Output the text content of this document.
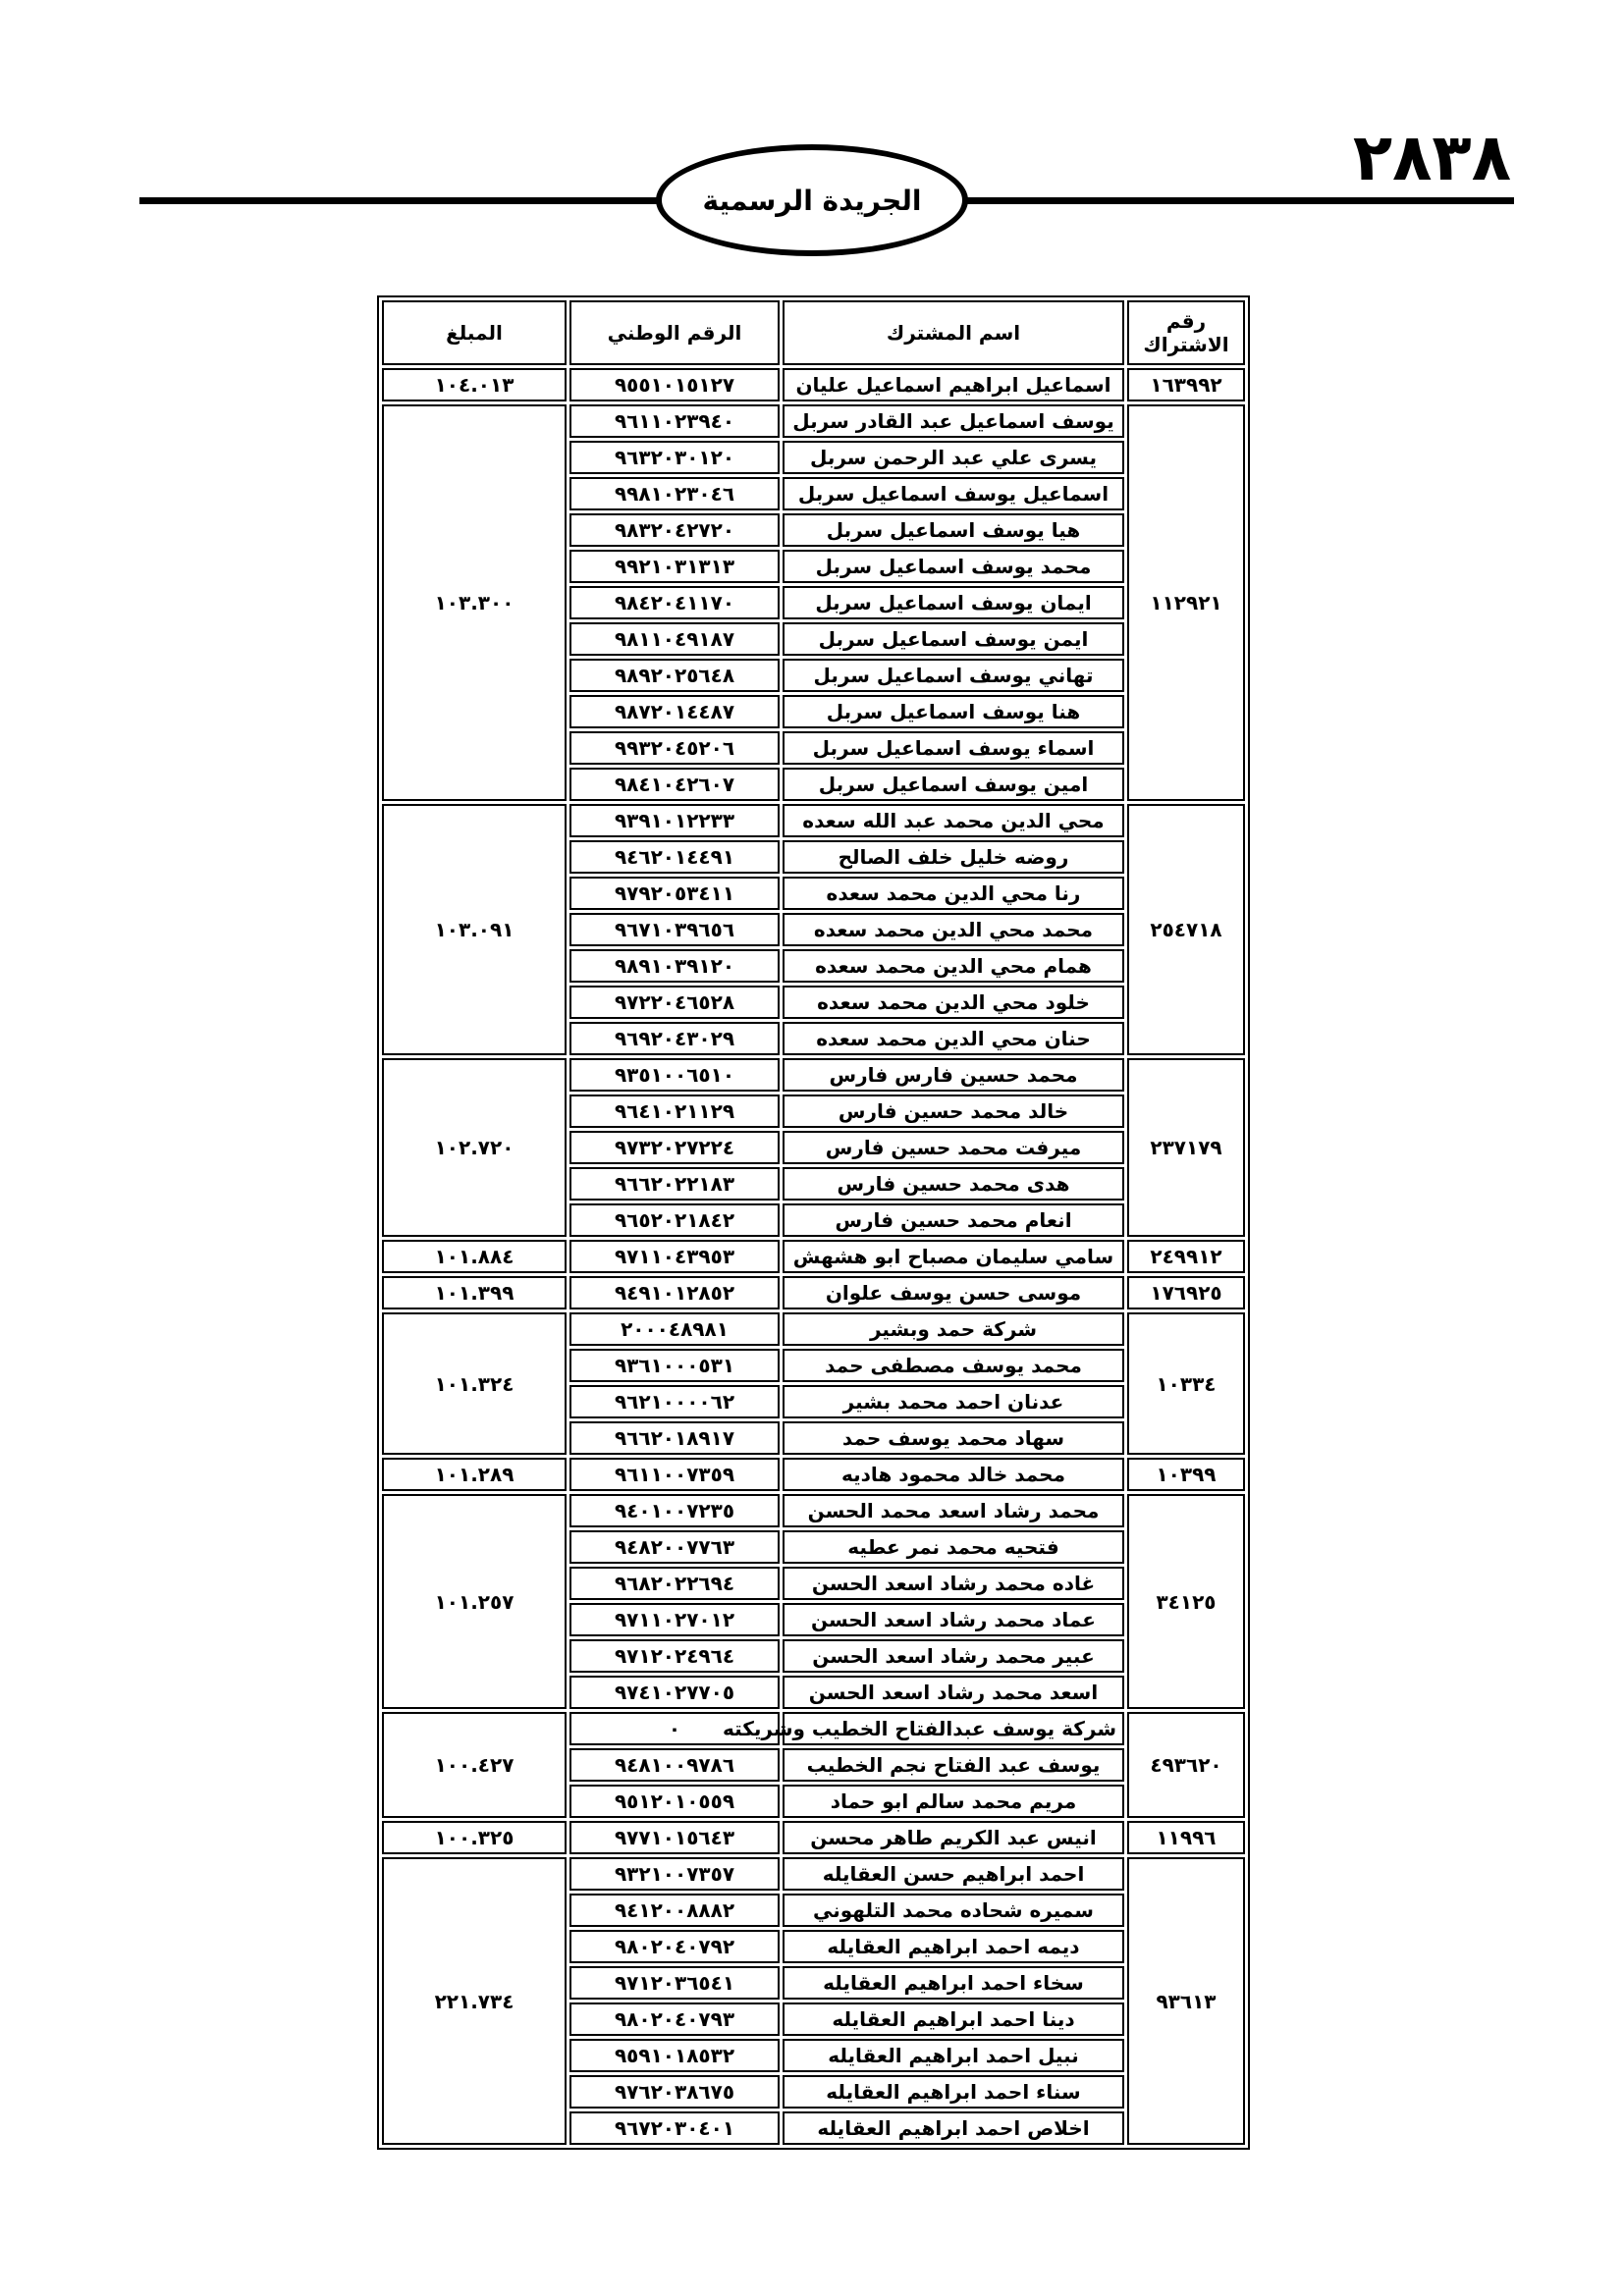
٢٨٣٨
الجريدة الرسمية
رقم الاشتراك	اسم المشترك	الرقم الوطني	المبلغ
١٦٣٩٩٢	اسماعيل ابراهيم اسماعيل عليان	٩٥٥١٠١٥١٢٧	١٠٤.٠١٣
١١٢٩٢١	يوسف اسماعيل عبد القادر سربل	٩٦١١٠٢٣٩٤٠	١٠٣.٣٠٠
	يسرى علي عبد الرحمن سربل	٩٦٣٢٠٣٠١٢٠	
	اسماعيل يوسف اسماعيل سربل	٩٩٨١٠٢٣٠٤٦	
	هيا يوسف اسماعيل سربل	٩٨٣٢٠٤٢٧٢٠	
	محمد يوسف اسماعيل سربل	٩٩٢١٠٣١٣١٣	
	ايمان يوسف اسماعيل سربل	٩٨٤٢٠٤١١٧٠	
	ايمن يوسف اسماعيل سربل	٩٨١١٠٤٩١٨٧	
	تهاني يوسف اسماعيل سربل	٩٨٩٢٠٢٥٦٤٨	
	هنا يوسف اسماعيل سربل	٩٨٧٢٠١٤٤٨٧	
	اسماء يوسف اسماعيل سربل	٩٩٣٢٠٤٥٢٠٦	
	امين يوسف اسماعيل سربل	٩٨٤١٠٤٢٦٠٧	
٢٥٤٧١٨	محي الدين محمد عبد الله سعده	٩٣٩١٠١٢٢٣٣	١٠٣.٠٩١
	روضه خليل خلف الصالح	٩٤٦٢٠١٤٤٩١	
	رنا محي الدين محمد سعده	٩٧٩٢٠٥٣٤١١	
	محمد محي الدين محمد سعده	٩٦٧١٠٣٩٦٥٦	
	همام محي الدين محمد سعده	٩٨٩١٠٣٩١٢٠	
	خلود محي الدين محمد سعده	٩٧٢٢٠٤٦٥٢٨	
	حنان محي الدين محمد سعده	٩٦٩٢٠٤٣٠٢٩	
٢٣٧١٧٩	محمد حسين فارس فارس	٩٣٥١٠٠٦٥١٠	١٠٢.٧٢٠
	خالد محمد حسين فارس	٩٦٤١٠٢١١٢٩	
	ميرفت محمد حسين فارس	٩٧٣٢٠٢٧٢٢٤	
	هدى محمد حسين فارس	٩٦٦٢٠٢٢١٨٣	
	انعام محمد حسين فارس	٩٦٥٢٠٢١٨٤٢	
٢٤٩٩١٢	سامي سليمان مصباح ابو هشهش	٩٧١١٠٤٣٩٥٣	١٠١.٨٨٤
١٧٦٩٢٥	موسى حسن يوسف علوان	٩٤٩١٠١٢٨٥٢	١٠١.٣٩٩
١٠٣٣٤	شركة حمد وبشير	٢٠٠٠٤٨٩٨١	١٠١.٣٢٤
	محمد يوسف مصطفى حمد	٩٣٦١٠٠٠٥٣١	
	عدنان احمد محمد بشير	٩٦٢١٠٠٠٠٦٢	
	سهاد محمد يوسف حمد	٩٦٦٢٠١٨٩١٧	
١٠٣٩٩	محمد خالد محمود هاديه	٩٦١١٠٠٧٣٥٩	١٠١.٢٨٩
٣٤١٢٥	محمد رشاد اسعد محمد الحسن	٩٤٠١٠٠٧٢٣٥	١٠١.٢٥٧
	فتحيه محمد نمر عطيه	٩٤٨٢٠٠٧٧٦٣	
	غاده محمد رشاد اسعد الحسن	٩٦٨٢٠٢٢٦٩٤	
	عماد محمد رشاد اسعد الحسن	٩٧١١٠٢٧٠١٢	
	عبير محمد رشاد اسعد الحسن	٩٧١٢٠٢٤٩٦٤	
	اسعد محمد رشاد اسعد الحسن	٩٧٤١٠٢٧٧٠٥	
٤٩٣٦٢٠	شركة يوسف عبدالفتاح الخطيب وشريكته	٠	١٠٠.٤٢٧
	يوسف عبد الفتاح نجم الخطيب	٩٤٨١٠٠٩٧٨٦	
	مريم محمد سالم ابو حماد	٩٥١٢٠١٠٥٥٩	
١١٩٩٦	انيس عبد الكريم طاهر محسن	٩٧٧١٠١٥٦٤٣	١٠٠.٣٢٥
٩٣٦١٣	احمد ابراهيم حسن العقايله	٩٣٢١٠٠٧٣٥٧	٢٢١.٧٣٤
	سميره شحاده محمد التلهوني	٩٤١٢٠٠٨٨٨٢	
	ديمه احمد ابراهيم العقايله	٩٨٠٢٠٤٠٧٩٢	
	سخاء احمد ابراهيم العقايله	٩٧١٢٠٣٦٥٤١	
	دينا احمد ابراهيم العقايله	٩٨٠٢٠٤٠٧٩٣	
	نبيل احمد ابراهيم العقايله	٩٥٩١٠١٨٥٣٢	
	سناء احمد ابراهيم العقايله	٩٧٦٢٠٣٨٦٧٥	
	اخلاص احمد ابراهيم العقايله	٩٦٧٢٠٣٠٤٠١	
